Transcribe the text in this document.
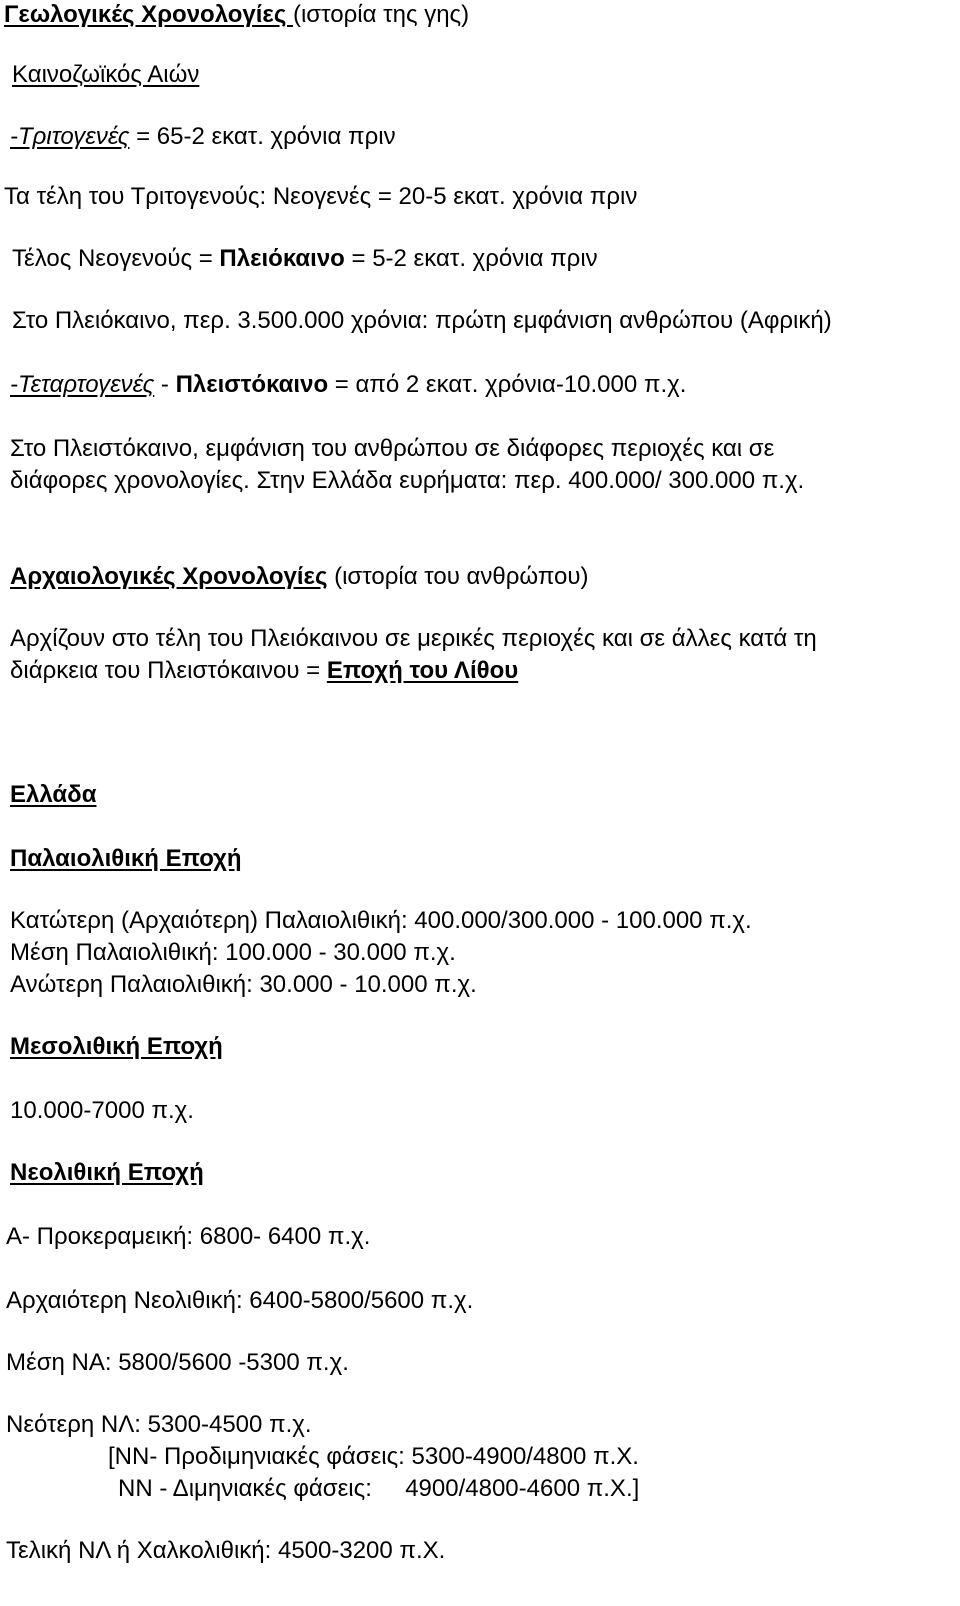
Γεωλογικές Χρονολογίες (ιστορία της γης)
Καινοζωϊκός Αιών
-Τριτογενές = 65-2 εκατ. χρόνια πριν
Τα τέλη του Τριτογενούς: Νεογενές = 20-5 εκατ. χρόνια πριν
Τέλος Νεογενούς = Πλειόκαινο = 5-2 εκατ. χρόνια πριν
Στο Πλειόκαινο, περ. 3.500.000 χρόνια: πρώτη εμφάνιση ανθρώπου (Αφρική)
-Τεταρτογενές - Πλειστόκαινο = από 2 εκατ. χρόνια-10.000 π.χ.
Στο Πλειστόκαινο, εμφάνιση του ανθρώπου σε διάφορες περιοχές και σε
διάφορες χρονολογίες. Στην Ελλάδα ευρήματα: περ. 400.000/ 300.000 π.χ.
Αρχαιολογικές Χρονολογίες (ιστορία του ανθρώπου)
Αρχίζουν στο τέλη του Πλειόκαινου σε μερικές περιοχές και σε άλλες κατά τη
διάρκεια του Πλειστόκαινου = Εποχή του Λίθου
Ελλάδα
Παλαιολιθική Εποχή
Κατώτερη (Αρχαιότερη) Παλαιολιθική: 400.000/300.000 - 100.000 π.χ.
Μέση Παλαιολιθική: 100.000 - 30.000 π.χ.
Ανώτερη Παλαιολιθική: 30.000 - 10.000 π.χ.
Μεσολιθική Εποχή
10.000-7000 π.χ.
Νεολιθική Εποχή
Α- Προκεραμεική: 6800- 6400 π.χ.
Αρχαιότερη Νεολιθική: 6400-5800/5600 π.χ.
Μέση ΝΑ: 5800/5600 -5300 π.χ.
Νεότερη ΝΛ: 5300-4500 π.χ.
[ΝΝ- Προδιμηνιακές φάσεις: 5300-4900/4800 π.Χ.
ΝΝ - Διμηνιακές φάσεις:     4900/4800-4600 π.Χ.]
Τελική ΝΛ ή Χαλκολιθική: 4500-3200 π.Χ.
